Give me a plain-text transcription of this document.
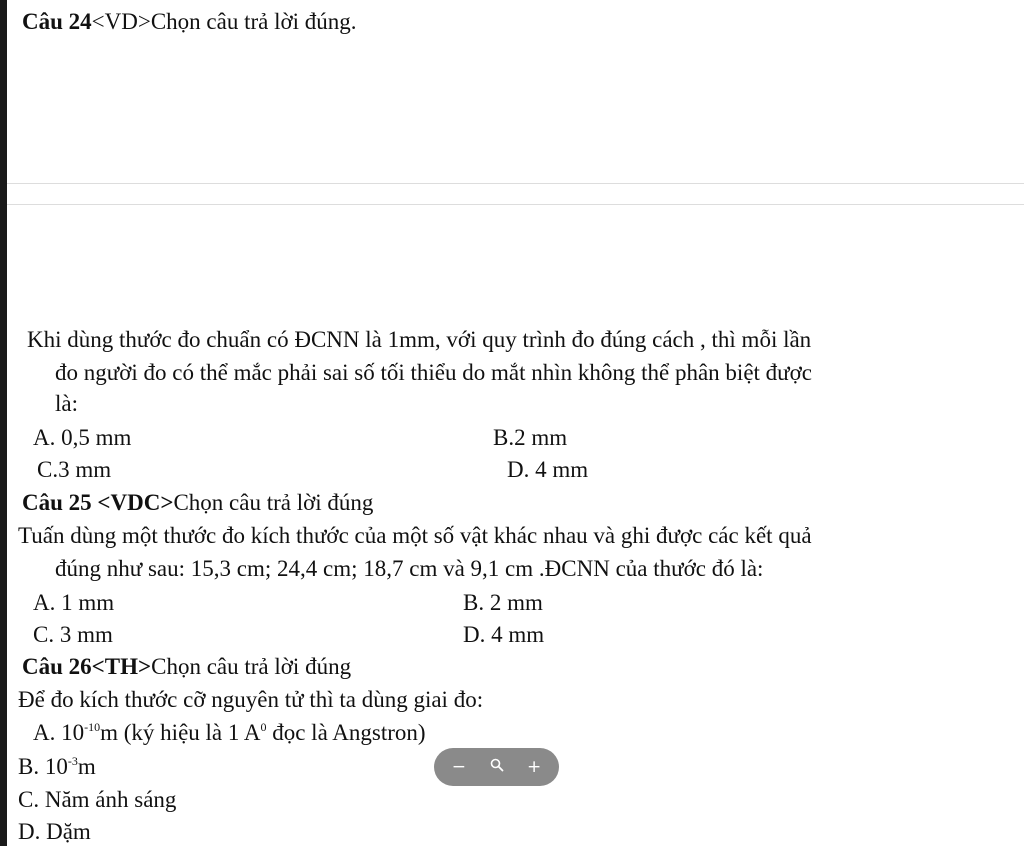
Câu 24<VD>Chọn câu trả lời đúng.
Khi dùng thước đo chuẩn có ĐCNN là 1mm, với quy trình đo đúng cách , thì mỗi lần
đo người đo có thể mắc phải sai số tối thiểu do mắt nhìn không thể phân biệt được
là:
A. 0,5 mm	B.2 mm
C.3 mm	D. 4 mm
Câu 25 <VDC>Chọn câu trả lời đúng
Tuấn dùng một thước đo kích thước của một số vật khác nhau và ghi được các kết quả
đúng như sau: 15,3 cm; 24,4 cm; 18,7 cm và 9,1 cm .ĐCNN của thước đó là:
A. 1 mm	B. 2 mm
C. 3 mm	D. 4 mm
Câu 26<TH>Chọn câu trả lời đúng
Để đo kích thước cỡ nguyên tử thì ta dùng giai đo:
A. $10^{-10}m$ (ký hiệu là 1 $A^0$ đọc là Angstron)
B. $10^{-3}m$
C. Năm ánh sáng
D. Dặm
−	+
